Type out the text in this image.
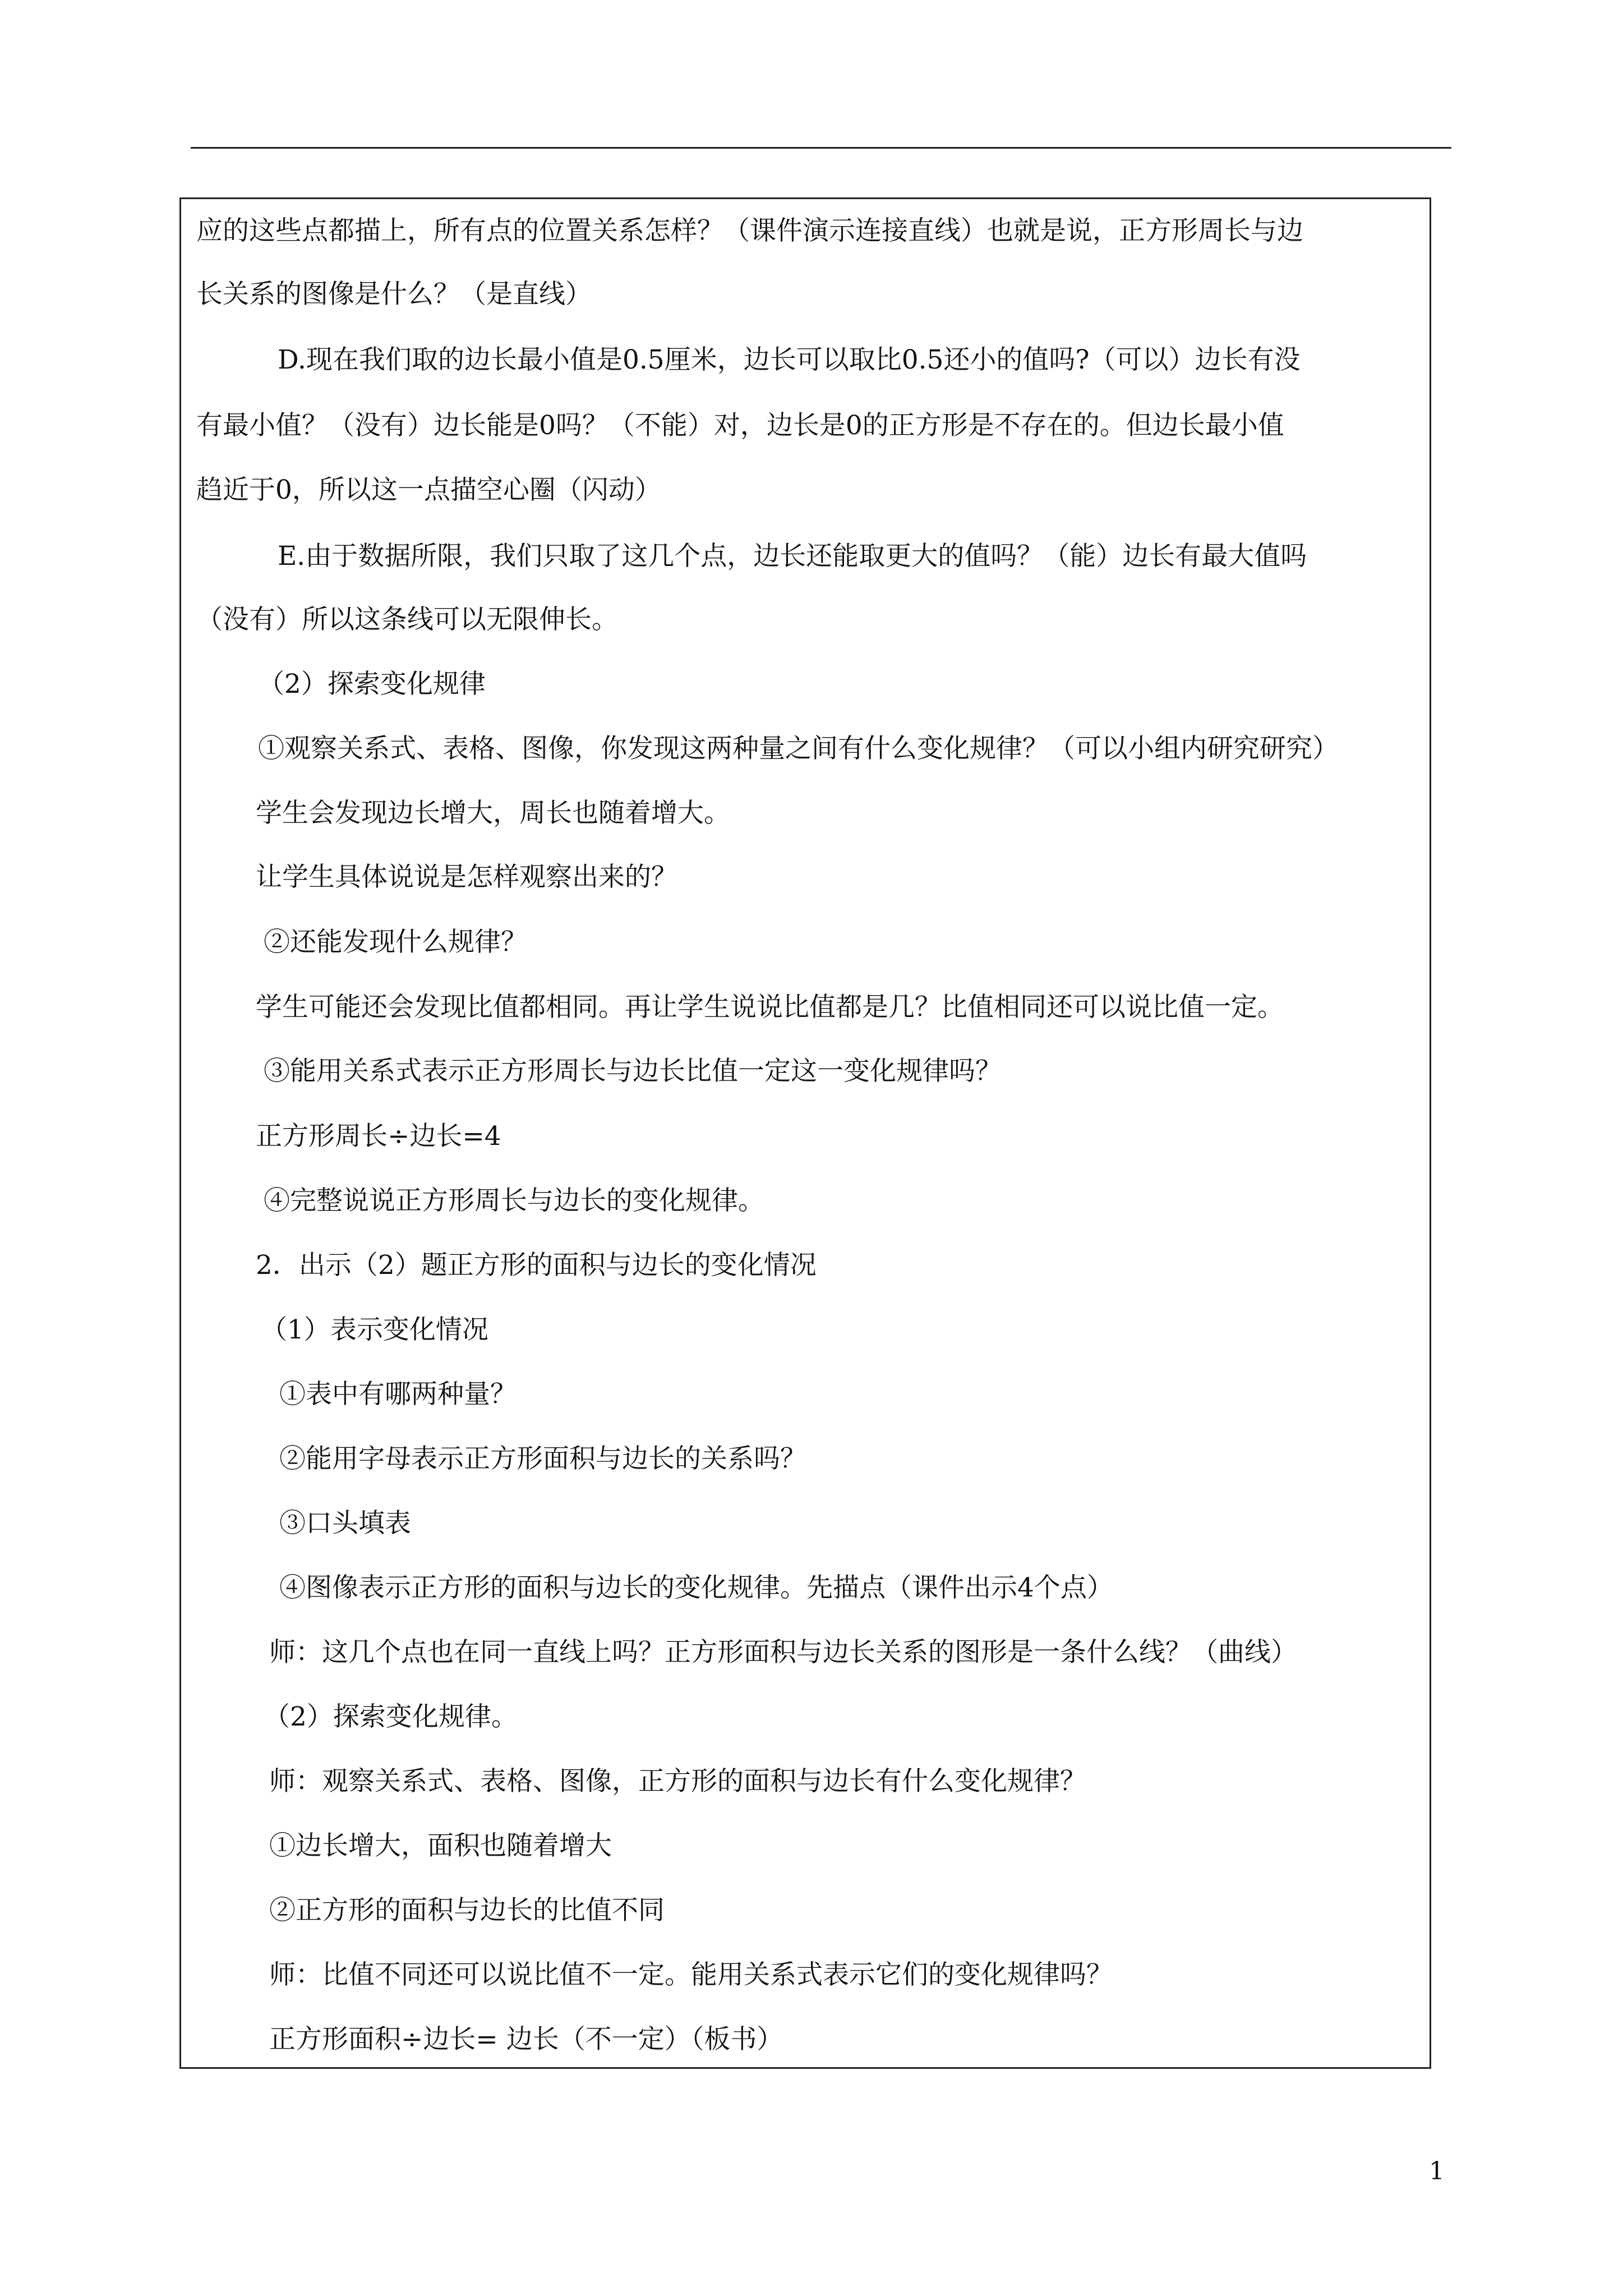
应的这些点都描上，所有点的位置关系怎样？（课件演示连接直线）也就是说，正方形周长与边
长关系的图像是什么？（是直线）
D.现在我们取的边长最小值是0.5厘米，边长可以取比0.5还小的值吗?（可以）边长有没
有最小值？（没有）边长能是0吗？（不能）对，边长是0的正方形是不存在的。但边长最小值
趋近于0，所以这一点描空心圈（闪动）
E.由于数据所限，我们只取了这几个点，边长还能取更大的值吗？（能）边长有最大值吗
（没有）所以这条线可以无限伸长。
（2）探索变化规律
①观察关系式、表格、图像，你发现这两种量之间有什么变化规律？（可以小组内研究研究）
学生会发现边长增大，周长也随着增大。
让学生具体说说是怎样观察出来的？
②还能发现什么规律？
学生可能还会发现比值都相同。再让学生说说比值都是几？比值相同还可以说比值一定。
③能用关系式表示正方形周长与边长比值一定这一变化规律吗？
正方形周长÷边长=4
④完整说说正方形周长与边长的变化规律。
2．出示（2）题正方形的面积与边长的变化情况
（1）表示变化情况
①表中有哪两种量？
②能用字母表示正方形面积与边长的关系吗？
③口头填表
④图像表示正方形的面积与边长的变化规律。先描点（课件出示4个点）
师：这几个点也在同一直线上吗？正方形面积与边长关系的图形是一条什么线？（曲线）
（2）探索变化规律。
师：观察关系式、表格、图像，正方形的面积与边长有什么变化规律？
①边长增大，面积也随着增大
②正方形的面积与边长的比值不同
师：比值不同还可以说比值不一定。能用关系式表示它们的变化规律吗？
正方形面积÷边长= 边长（不一定）（板书）
1
